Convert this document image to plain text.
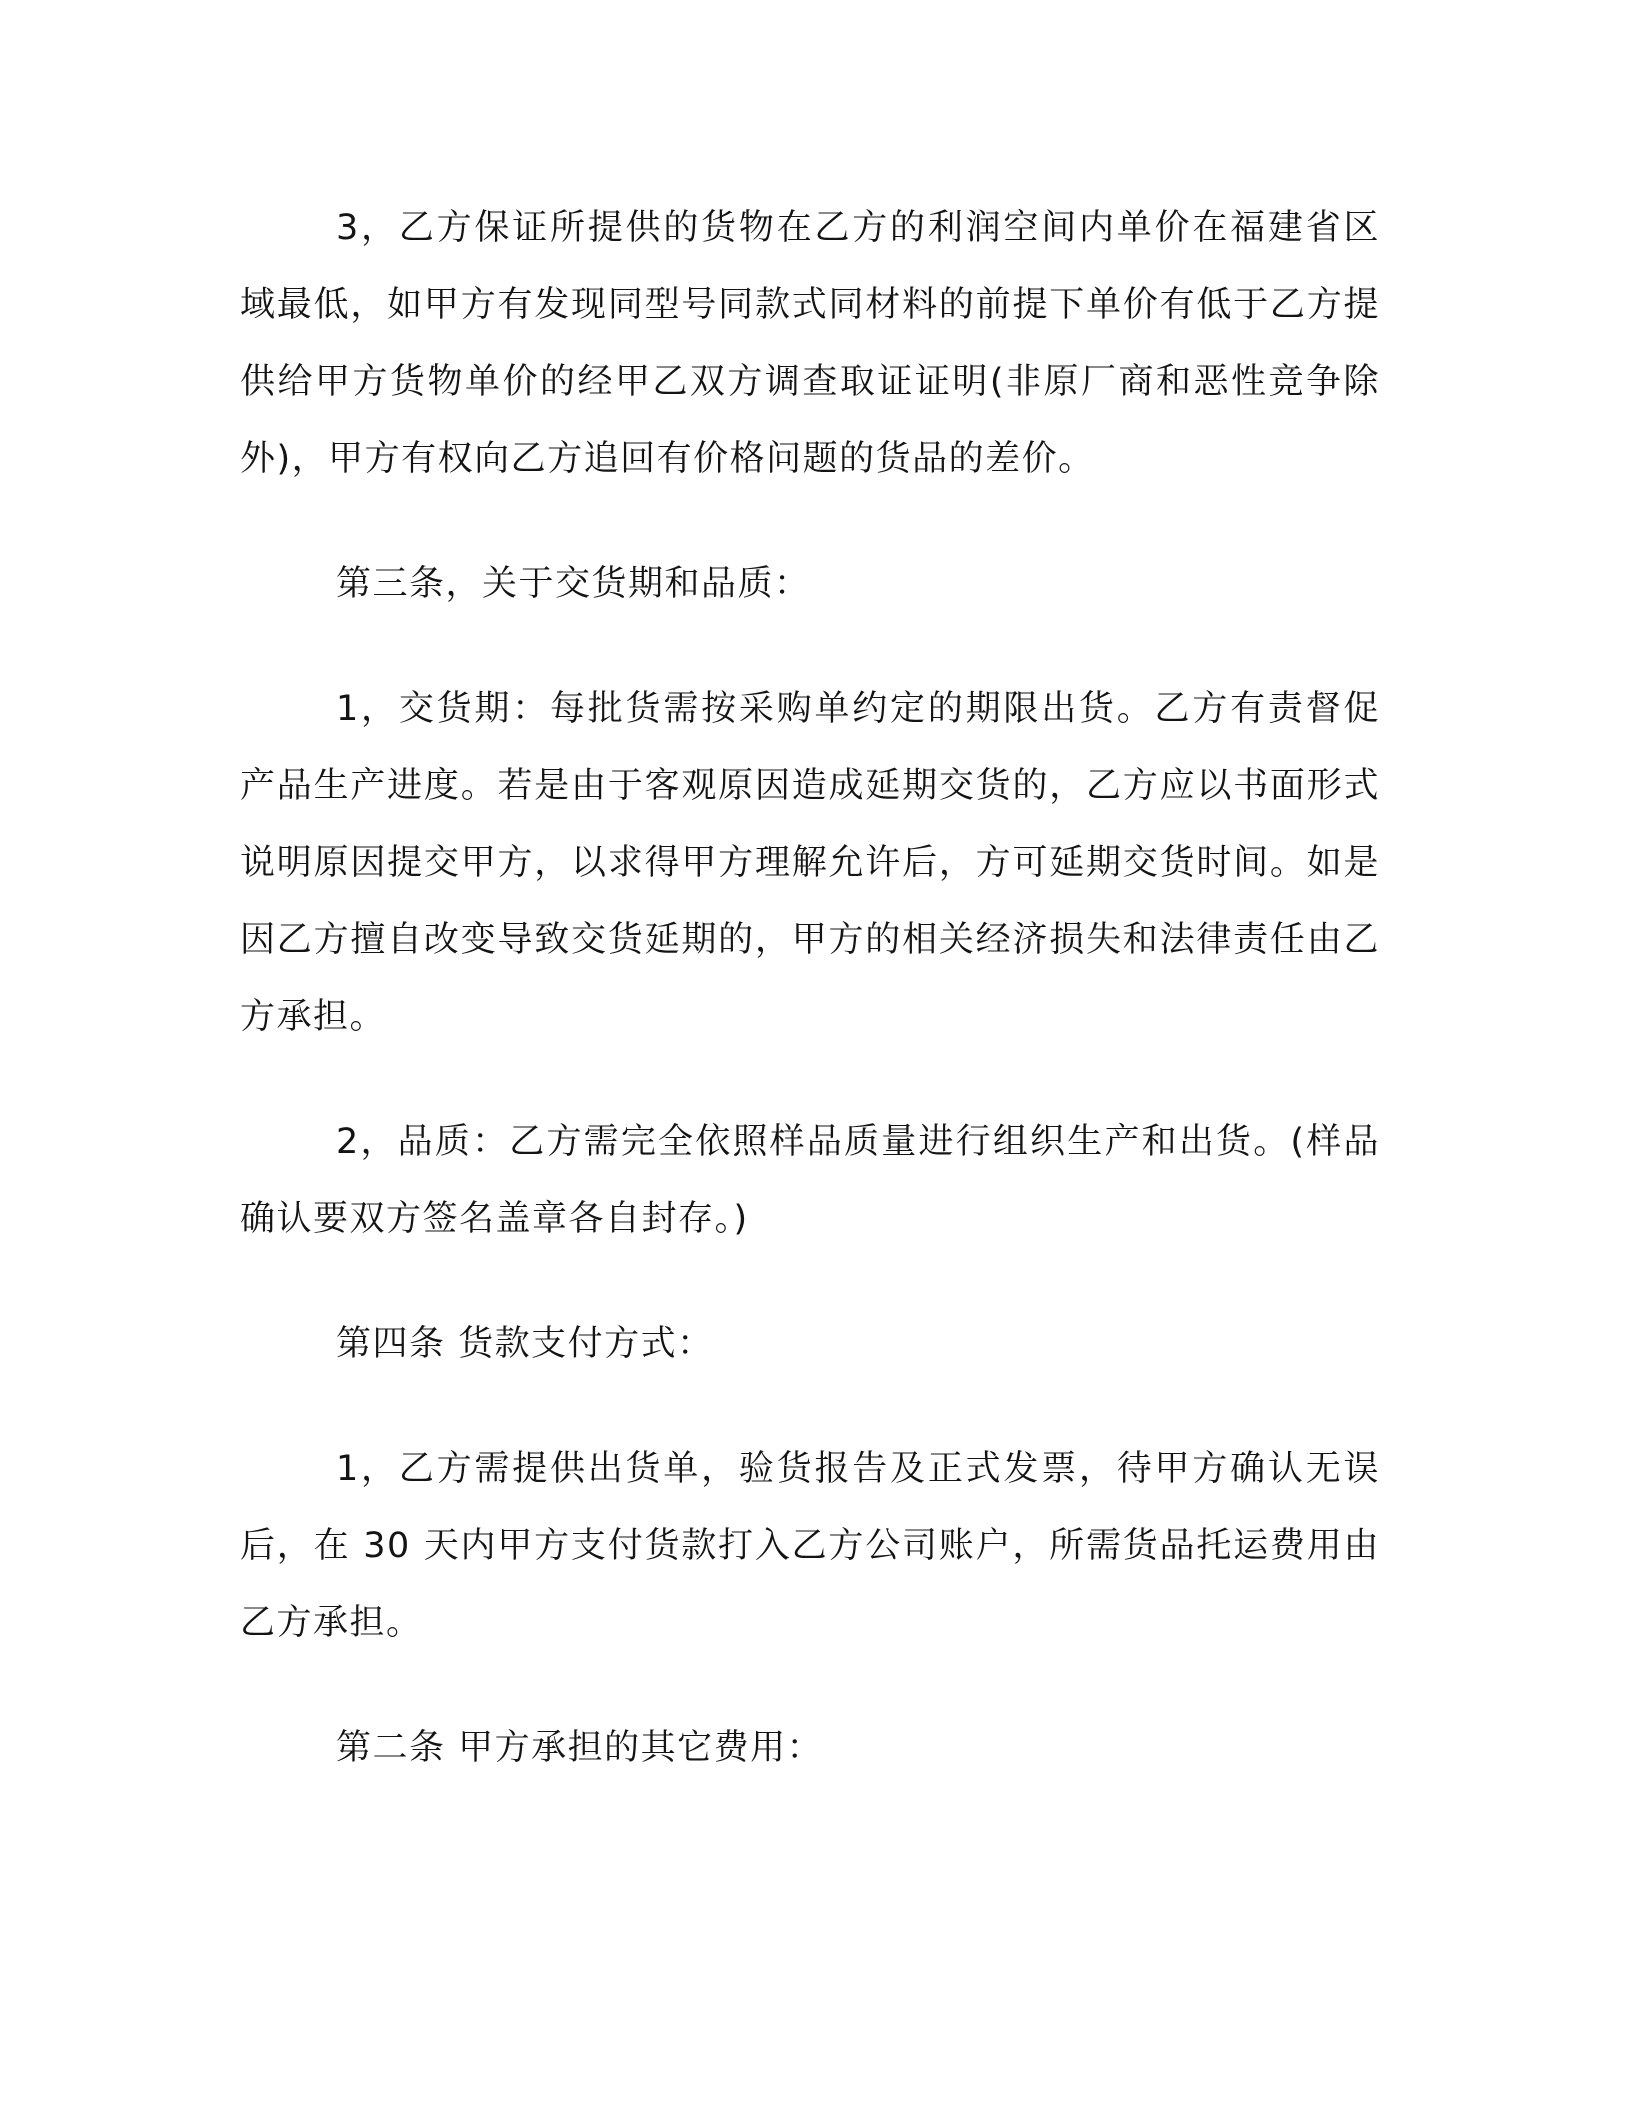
3，乙方保证所提供的货物在乙方的利润空间内单价在福建省区域最低，如甲方有发现同型号同款式同材料的前提下单价有低于乙方提供给甲方货物单价的经甲乙双方调查取证证明(非原厂商和恶性竞争除外)，甲方有权向乙方追回有价格问题的货品的差价。

第三条，关于交货期和品质：

1，交货期：每批货需按采购单约定的期限出货。乙方有责督促产品生产进度。若是由于客观原因造成延期交货的，乙方应以书面形式说明原因提交甲方，以求得甲方理解允许后，方可延期交货时间。如是因乙方擅自改变导致交货延期的，甲方的相关经济损失和法律责任由乙方承担。

2，品质：乙方需完全依照样品质量进行组织生产和出货。(样品确认要双方签名盖章各自封存。)

第四条 货款支付方式：

1，乙方需提供出货单，验货报告及正式发票，待甲方确认无误后，在 30 天内甲方支付货款打入乙方公司账户，所需货品托运费用由乙方承担。

第二条 甲方承担的其它费用：
